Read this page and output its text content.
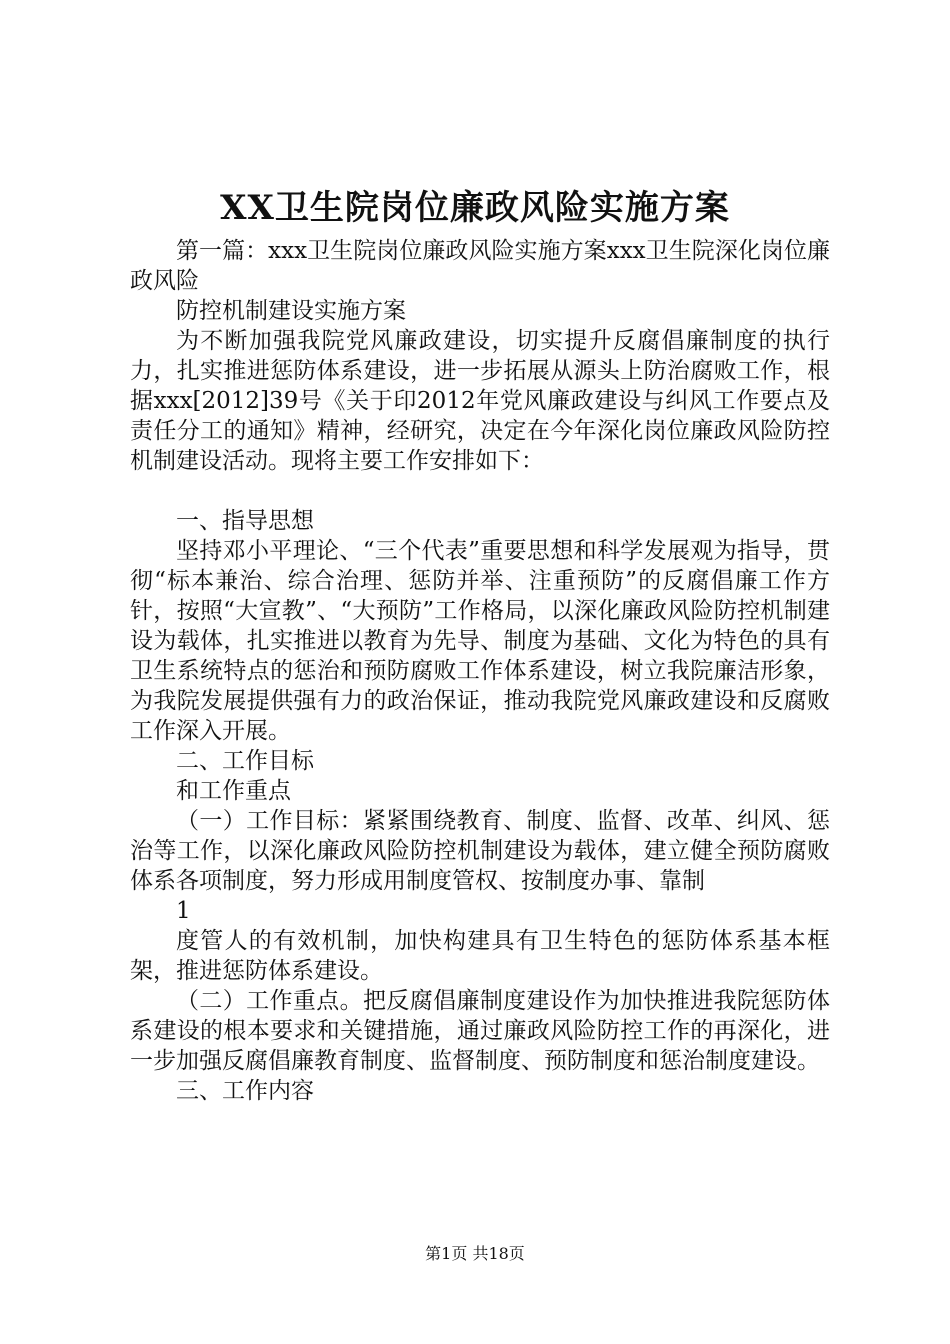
XX卫生院岗位廉政风险实施方案

第一篇：xxx卫生院岗位廉政风险实施方案xxx卫生院深化岗位廉政风险

防控机制建设实施方案

为不断加强我院党风廉政建设，切实提升反腐倡廉制度的执行力，扎实推进惩防体系建设，进一步拓展从源头上防治腐败工作，根据xxx[2012]39号《关于印2012年党风廉政建设与纠风工作要点及责任分工的通知》精神，经研究，决定在今年深化岗位廉政风险防控机制建设活动。现将主要工作安排如下：

一、指导思想

坚持邓小平理论、“三个代表”重要思想和科学发展观为指导，贯彻“标本兼治、综合治理、惩防并举、注重预防”的反腐倡廉工作方针，按照“大宣教”、“大预防”工作格局，以深化廉政风险防控机制建设为载体，扎实推进以教育为先导、制度为基础、文化为特色的具有卫生系统特点的惩治和预防腐败工作体系建设，树立我院廉洁形象，为我院发展提供强有力的政治保证，推动我院党风廉政建设和反腐败工作深入开展。

二、工作目标

和工作重点

（一）工作目标：紧紧围绕教育、制度、监督、改革、纠风、惩治等工作，以深化廉政风险防控机制建设为载体，建立健全预防腐败体系各项制度，努力形成用制度管权、按制度办事、靠制

1

度管人的有效机制，加快构建具有卫生特色的惩防体系基本框架，推进惩防体系建设。

（二）工作重点。把反腐倡廉制度建设作为加快推进我院惩防体系建设的根本要求和关键措施，通过廉政风险防控工作的再深化，进一步加强反腐倡廉教育制度、监督制度、预防制度和惩治制度建设。

三、工作内容

第1页 共18页
